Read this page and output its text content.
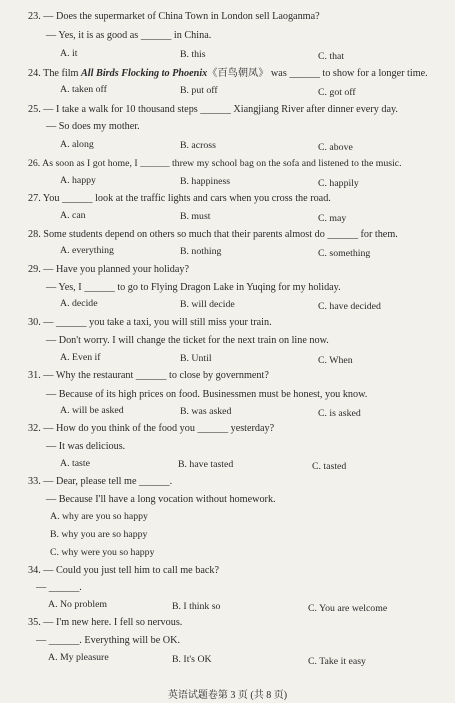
23. — Does the supermarket of China Town in London sell Laoganma?
— Yes, it is as good as ______ in China.
A. it	B. this	C. that
24. The film All Birds Flocking to Phoenix《百鸟朝凤》 was ______ to show for a longer time.
A. taken off	B. put off	C. got off
25. — I take a walk for 10 thousand steps ______ Xiangjiang River after dinner every day.
— So does my mother.
A. along	B. across	C. above
26. As soon as I got home, I ______ threw my school bag on the sofa and listened to the music.
A. happy	B. happiness	C. happily
27. You ______ look at the traffic lights and cars when you cross the road.
A. can	B. must	C. may
28. Some students depend on others so much that their parents almost do ______ for them.
A. everything	B. nothing	C. something
29. — Have you planned your holiday?
— Yes, I ______ to go to Flying Dragon Lake in Yuqing for my holiday.
A. decide	B. will decide	C. have decided
30. — ______ you take a taxi, you will still miss your train.
— Don't worry. I will change the ticket for the next train on line now.
A. Even if	B. Until	C. When
31. — Why the restaurant ______ to close by government?
— Because of its high prices on food. Businessmen must be honest, you know.
A. will be asked	B. was asked	C. is asked
32. — How do you think of the food you ______ yesterday?
— It was delicious.
A. taste	B. have tasted	C. tasted
33. — Dear, please tell me ______.
— Because I'll have a long vocation without homework.
A. why are you so happy
B. why you are so happy
C. why were you so happy
34. — Could you just tell him to call me back?
— ______.
A. No problem	B. I think so	C. You are welcome
35. — I'm new here. I fell so nervous.
— ______. Everything will be OK.
A. My pleasure	B. It's OK	C. Take it easy
英语试题卷第 3 页 (共 8 页)
